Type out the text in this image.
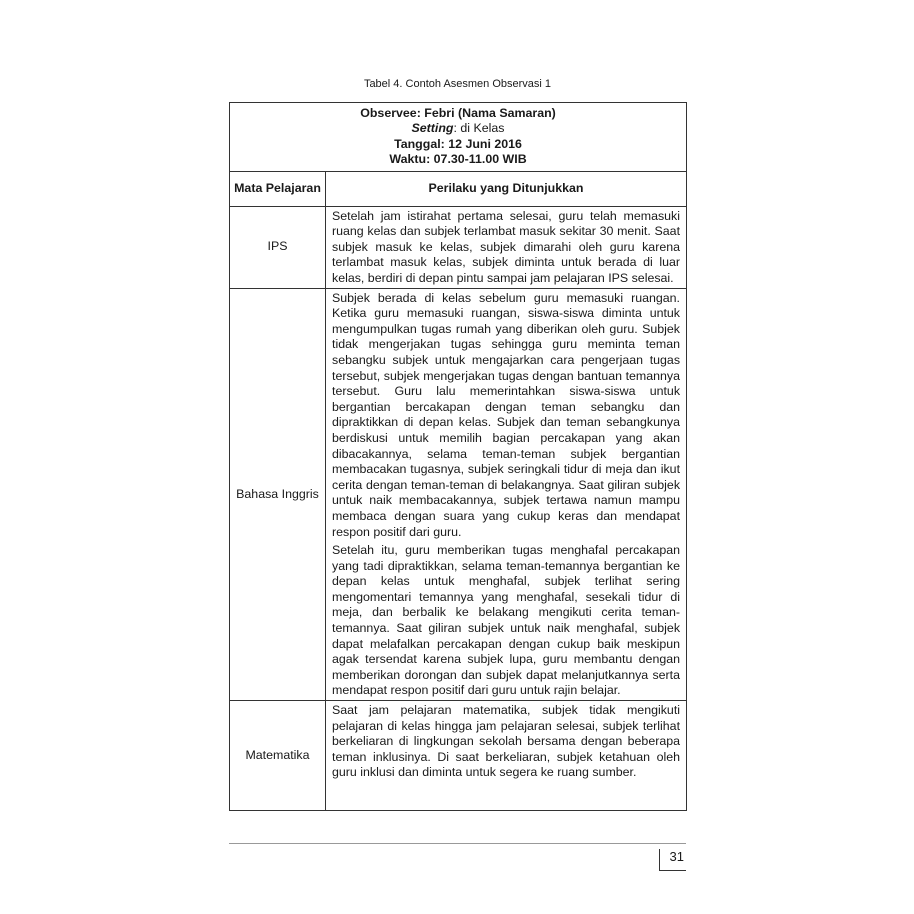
Tabel 4. Contoh Asesmen Observasi 1
Observee: Febri (Nama Samaran)
Setting: di Kelas
Tanggal: 12 Juni 2016
Waktu: 07.30-11.00 WIB	

Mata Pelajaran	Perilaku yang Ditunjukkan
IPS	Setelah jam istirahat pertama selesai, guru telah memasuki ruang kelas dan subjek terlambat masuk sekitar 30 menit. Saat subjek masuk ke kelas, subjek dimarahi oleh guru karena terlambat masuk kelas, subjek diminta untuk berada di luar kelas, berdiri di depan pintu sampai jam pelajaran IPS selesai.

Bahasa Inggris	Subjek berada di kelas sebelum guru memasuki ruangan. Ketika guru memasuki ruangan, siswa-siswa diminta untuk mengumpulkan tugas rumah yang diberikan oleh guru. Subjek tidak mengerjakan tugas sehingga guru meminta teman sebangku subjek untuk mengajarkan cara pengerjaan tugas tersebut, subjek mengerjakan tugas dengan bantuan temannya tersebut. Guru lalu memerintahkan siswa-siswa untuk bergantian bercakapan dengan teman sebangku dan dipraktikkan di depan kelas. Subjek dan teman sebangkunya berdiskusi untuk memilih bagian percakapan yang akan dibacakannya, selama teman-teman subjek bergantian membacakan tugasnya, subjek seringkali tidur di meja dan ikut cerita dengan teman-teman di belakangnya. Saat giliran subjek untuk naik membacakannya, subjek tertawa namun mampu membaca dengan suara yang cukup keras dan mendapat respon positif dari guru.

Setelah itu, guru memberikan tugas menghafal percakapan yang tadi dipraktikkan, selama teman-temannya bergantian ke depan kelas untuk menghafal, subjek terlihat sering mengomentari temannya yang menghafal, sesekali tidur di meja, dan berbalik ke belakang mengikuti cerita teman-temannya. Saat giliran subjek untuk naik menghafal, subjek dapat melafalkan percakapan dengan cukup baik meskipun agak tersendat karena subjek lupa, guru membantu dengan memberikan dorongan dan subjek dapat melanjutkannya serta mendapat respon positif dari guru untuk rajin belajar.

Matematika	Saat jam pelajaran matematika, subjek tidak mengikuti pelajaran di kelas hingga jam pelajaran selesai, subjek terlihat berkeliaran di lingkungan sekolah bersama dengan beberapa teman inklusinya. Di saat berkeliaran, subjek ketahuan oleh guru inklusi dan diminta untuk segera ke ruang sumber.

31
